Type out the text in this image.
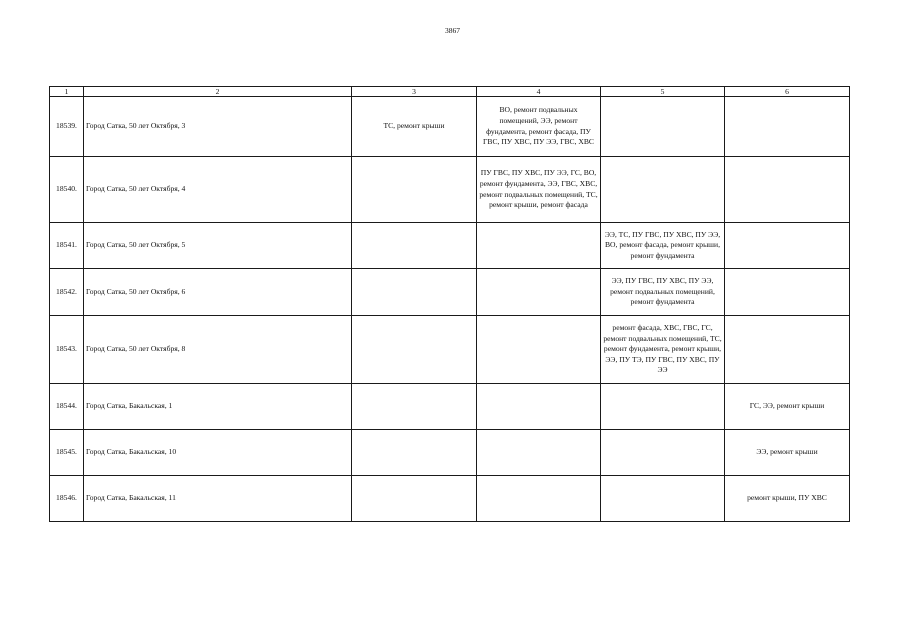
3867
1	2	3	4	5	6
18539.	Город Сатка, 50 лет Октября, 3	ТС, ремонт крыши	ВО, ремонт подвальных помещений, ЭЭ, ремонт фундамента, ремонт фасада, ПУ ГВС, ПУ ХВС, ПУ ЭЭ, ГВС, ХВС		
18540.	Город Сатка, 50 лет Октября, 4		ПУ ГВС, ПУ ХВС, ПУ ЭЭ, ГС, ВО, ремонт фундамента, ЭЭ, ГВС, ХВС, ремонт подвальных помещений, ТС, ремонт крыши, ремонт фасада		
18541.	Город Сатка, 50 лет Октября, 5			ЭЭ, ТС, ПУ ГВС, ПУ ХВС, ПУ ЭЭ, ВО, ремонт фасада, ремонт крыши, ремонт фундамента	
18542.	Город Сатка, 50 лет Октября, 6			ЭЭ, ПУ ГВС, ПУ ХВС, ПУ ЭЭ, ремонт подвальных помещений, ремонт фундамента	
18543.	Город Сатка, 50 лет Октября, 8			ремонт фасада, ХВС, ГВС, ГС, ремонт подвальных помещений, ТС, ремонт фундамента, ремонт крыши, ЭЭ, ПУ ТЭ, ПУ ГВС, ПУ ХВС, ПУ ЭЭ	
18544.	Город Сатка, Бакальская, 1				ГС, ЭЭ, ремонт крыши
18545.	Город Сатка, Бакальская, 10				ЭЭ, ремонт крыши
18546.	Город Сатка, Бакальская, 11				ремонт крыши, ПУ ХВС
